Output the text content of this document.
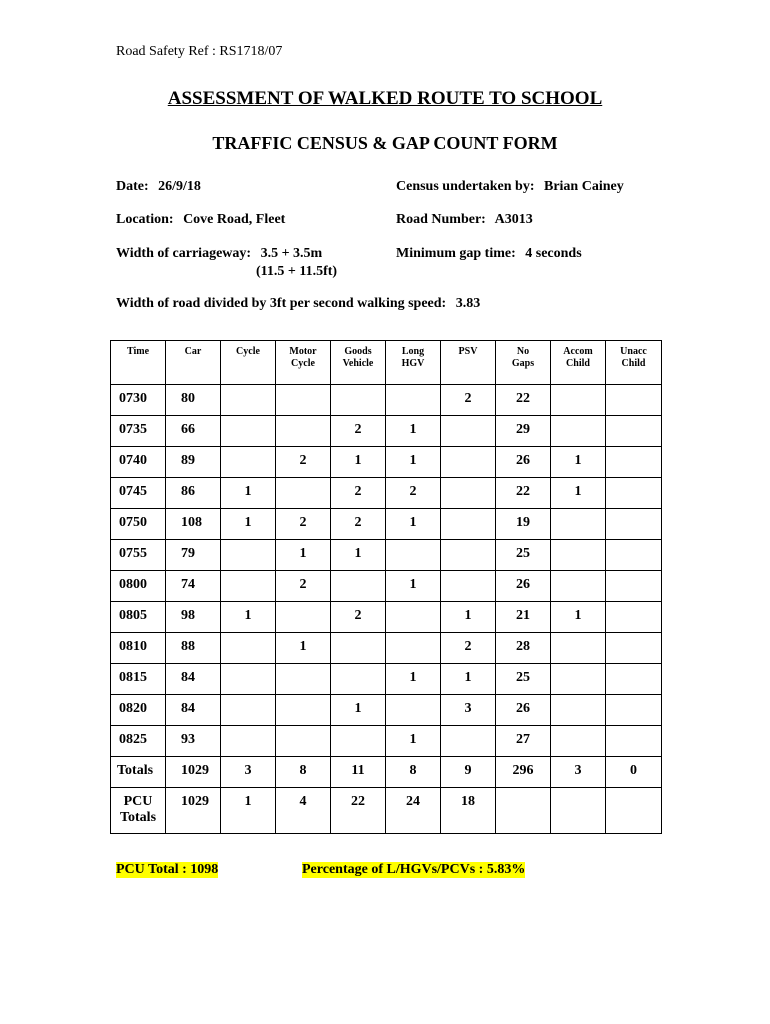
Road Safety Ref : RS1718/07
ASSESSMENT OF WALKED ROUTE TO SCHOOL
TRAFFIC CENSUS & GAP COUNT FORM
Date: 26/9/18	Census undertaken by: Brian Cainey
Location: Cove Road, Fleet	Road Number: A3013
Width of carriageway: 3.5 + 3.5m
(11.5 + 11.5ft)
Minimum gap time: 4 seconds
Width of road divided by 3ft per second walking speed: 3.83
Time	Car	Cycle	Motor Cycle	Goods Vehicle	Long HGV	PSV	No Gaps	Accom Child	Unacc Child
0730	80					2	22		
0735	66			2	1		29		
0740	89		2	1	1		26	1	
0745	86	1		2	2		22	1	
0750	108	1	2	2	1		19		
0755	79		1	1			25		
0800	74		2		1		26		
0805	98	1		2		1	21	1	
0810	88		1			2	28		
0815	84				1	1	25		
0820	84			1		3	26		
0825	93				1		27		
Totals	1029	3	8	11	8	9	296	3	0
PCU Totals	1029	1	4	22	24	18			
PCU Total : 1098	Percentage of L/HGVs/PCVs : 5.83%
